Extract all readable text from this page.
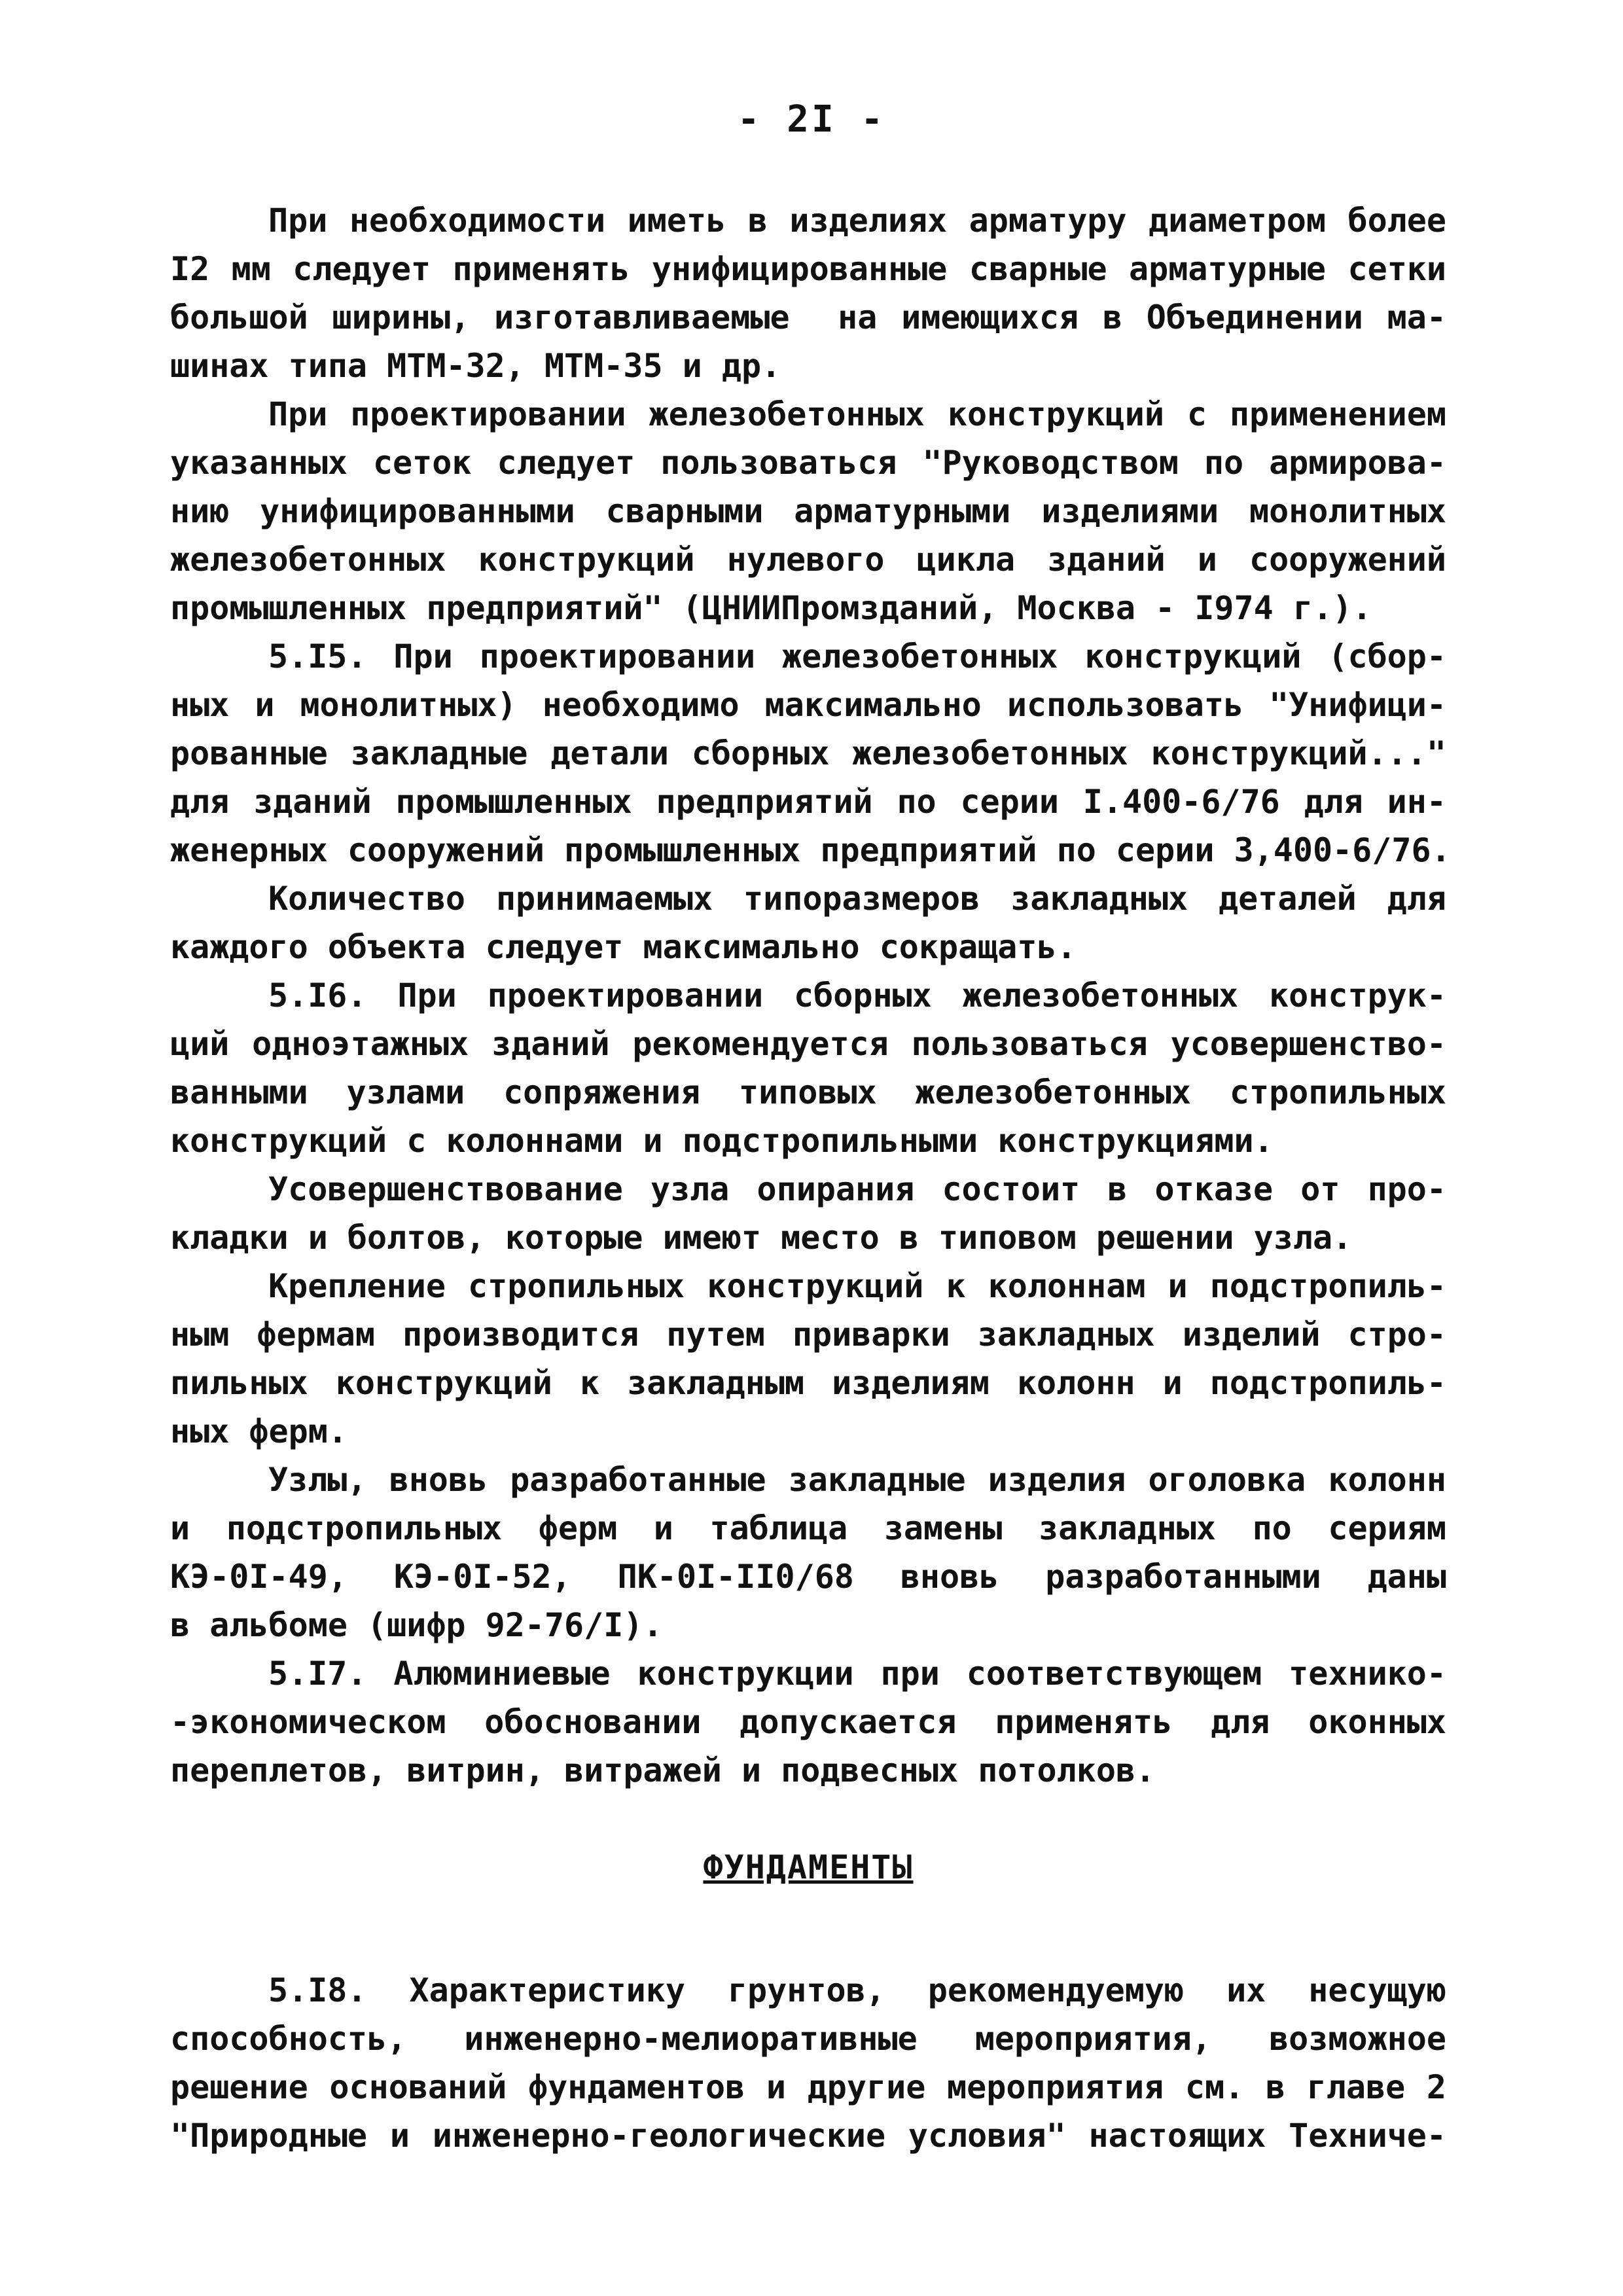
- 2I -
При необходимости иметь в изделиях арматуру диаметром более
I2 мм следует применять унифицированные сварные арматурные сетки
большой ширины, изготавливаемые  на имеющихся в Объединении ма-
шинах типа МТМ-32, МТМ-35 и др.
При проектировании железобетонных конструкций с применением
указанных сеток следует пользоваться "Руководством по армирова-
нию унифицированными сварными арматурными изделиями монолитных
железобетонных конструкций нулевого цикла зданий и сооружений
промышленных предприятий" (ЦНИИПромзданий, Москва - I974 г.).
5.I5. При проектировании железобетонных конструкций (сбор-
ных и монолитных) необходимо максимально использовать "Унифици-
рованные закладные детали сборных железобетонных конструкций..."
для зданий промышленных предприятий по серии I.400-6/76 для ин-
женерных сооружений промышленных предприятий по серии 3,400-6/76.
Количество принимаемых типоразмеров закладных деталей для
каждого объекта следует максимально сокращать.
5.I6. При проектировании сборных железобетонных конструк-
ций одноэтажных зданий рекомендуется пользоваться усовершенство-
ванными узлами сопряжения типовых железобетонных стропильных
конструкций с колоннами и подстропильными конструкциями.
Усовершенствование узла опирания состоит в отказе от про-
кладки и болтов, которые имеют место в типовом решении узла.
Крепление стропильных конструкций к колоннам и подстропиль-
ным фермам производится путем приварки закладных изделий стро-
пильных конструкций к закладным изделиям колонн и подстропиль-
ных ферм.
Узлы, вновь разработанные закладные изделия оголовка колонн
и подстропильных ферм и таблица замены закладных по сериям
КЭ-0I-49, КЭ-0I-52, ПК-0I-II0/68 вновь разработанными даны
в альбоме (шифр 92-76/I).
5.I7. Алюминиевые конструкции при соответствующем технико-
-экономическом обосновании допускается применять для оконных
переплетов, витрин, витражей и подвесных потолков.
ФУНДАМЕНТЫ
5.I8. Характеристику грунтов, рекомендуемую их несущую
способность, инженерно-мелиоративные мероприятия, возможное
решение оснований фундаментов и другие мероприятия см. в главе 2
"Природные и инженерно-геологические условия" настоящих Техниче-
